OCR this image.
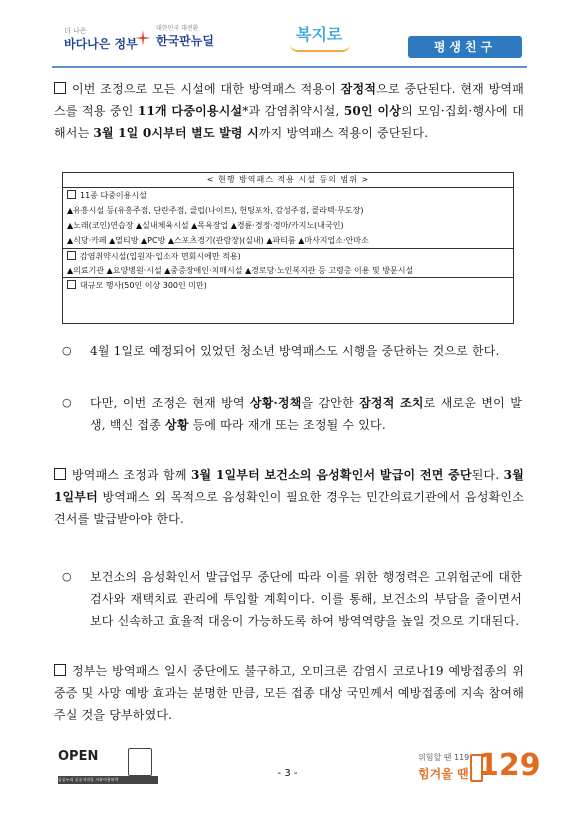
더 나은
바다나은 정부
대한민국 대전환
한국판뉴딜	복지로
평생친구
이번 조정으로 모든 시설에 대한 방역패스 적용이 잠정적으로 중단된다. 현재 방역패스를 적용 중인 11개 다중이용시설*과 감염취약시설, 50인 이상의 모임·집회·행사에 대해서는 3월 1일 0시부터 별도 발령 시까지 방역패스 적용이 중단된다.
< 현행 방역패스 적용 시설 등의 범위 >
11종 다중이용시설
▲유흥시설 등(유흥주점, 단란주점, 클럽(나이트), 헌팅포차, 감성주점, 콜라텍·무도장)
▲노래(코인)연습장 ▲실내체육시설 ▲목욕장업 ▲경륜·경정·경마/카지노(내국인)
▲식당·카페 ▲멀티방 ▲PC방 ▲스포츠경기(관람장)(실내) ▲파티룸 ▲마사지업소·안마소
감염취약시설(입원자·입소자 면회시에만 적용)
▲의료기관 ▲요양병원·시설 ▲중증장애인·치매시설 ▲경로당·노인복지관 등 고령층 이용 및 방문시설
대규모 행사(50인 이상 300인 미만)
○ 4월 1일로 예정되어 있었던 청소년 방역패스도 시행을 중단하는 것으로 한다.
○ 다만, 이번 조정은 현재 방역 상황·정책을 감안한 잠정적 조치로 새로운 변이 발생, 백신 접종 상황 등에 따라 재개 또는 조정될 수 있다.
방역패스 조정과 함께 3월 1일부터 보건소의 음성확인서 발급이 전면 중단된다. 3월 1일부터 방역패스 외 목적으로 음성확인이 필요한 경우는 민간의료기관에서 음성확인소견서를 발급받아야 한다.
○ 보건소의 음성확인서 발급업무 중단에 따라 이를 위한 행정력은 고위험군에 대한 검사와 재택치료 관리에 투입할 계획이다. 이를 통해, 보건소의 부담을 줄이면서 보다 신속하고 효율적 대응이 가능하도록 하여 방역역량을 높일 것으로 기대된다.
정부는 방역패스 일시 중단에도 불구하고, 오미크론 감염시 코로나19 예방접종의 위중증 및 사망 예방 효과는 분명한 만큼, 모든 접종 대상 국민께서 예방접종에 지속 참여해주실 것을 당부하였다.
OPEN
공공누리 공공저작물 자유이용허락
- 3 -
위험할 땐 119
힘겨울 땐 129
